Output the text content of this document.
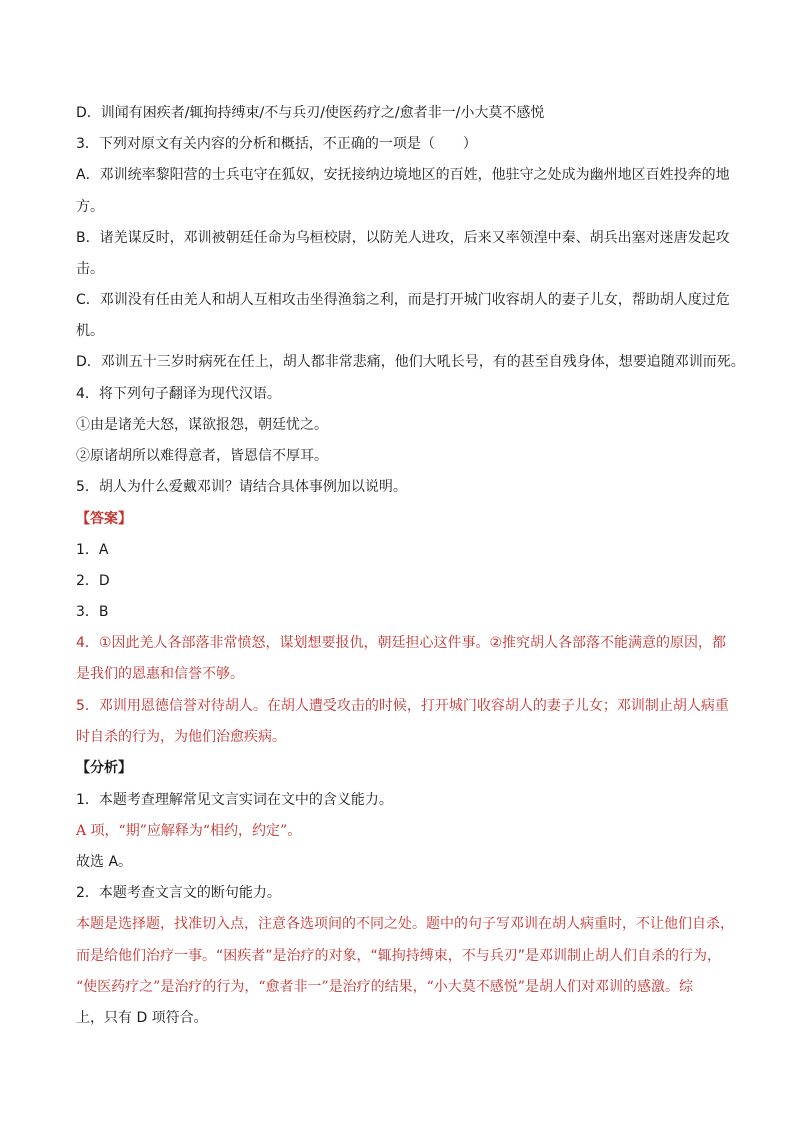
D．训闻有困疾者/辄拘持缚束/不与兵刃/使医药疗之/愈者非一/小大莫不感悦
3．下列对原文有关内容的分析和概括，不正确的一项是（　　）
A．邓训统率黎阳营的士兵屯守在狐奴，安抚接纳边境地区的百姓，他驻守之处成为幽州地区百姓投奔的地
方。
B．诸羌谋反时，邓训被朝廷任命为乌桓校尉，以防羌人进攻，后来又率领湟中秦、胡兵出塞对迷唐发起攻
击。
C．邓训没有任由羌人和胡人互相攻击坐得渔翁之利，而是打开城门收容胡人的妻子儿女，帮助胡人度过危
机。
D．邓训五十三岁时病死在任上，胡人都非常悲痛，他们大吼长号，有的甚至自残身体，想要追随邓训而死。
4．将下列句子翻译为现代汉语。
①由是诸羌大怒，谋欲报怨，朝廷忧之。
②原诸胡所以难得意者，皆恩信不厚耳。
5．胡人为什么爱戴邓训？请结合具体事例加以说明。
【答案】
1．A
2．D
3．B
4．①因此羌人各部落非常愤怒，谋划想要报仇，朝廷担心这件事。②推究胡人各部落不能满意的原因，都
是我们的恩惠和信誉不够。
5．邓训用恩德信誉对待胡人。在胡人遭受攻击的时候，打开城门收容胡人的妻子儿女；邓训制止胡人病重
时自杀的行为，为他们治愈疾病。
【分析】
1．本题考查理解常见文言实词在文中的含义能力。
A 项，“期”应解释为“相约，约定”。
故选 A。
2．本题考查文言文的断句能力。
本题是选择题，找准切入点，注意各选项间的不同之处。题中的句子写邓训在胡人病重时，不让他们自杀，
而是给他们治疗一事。“困疾者”是治疗的对象，“辄拘持缚束，不与兵刃”是邓训制止胡人们自杀的行为，
“使医药疗之”是治疗的行为，“愈者非一”是治疗的结果，“小大莫不感悦”是胡人们对邓训的感激。综
上，只有 D 项符合。
